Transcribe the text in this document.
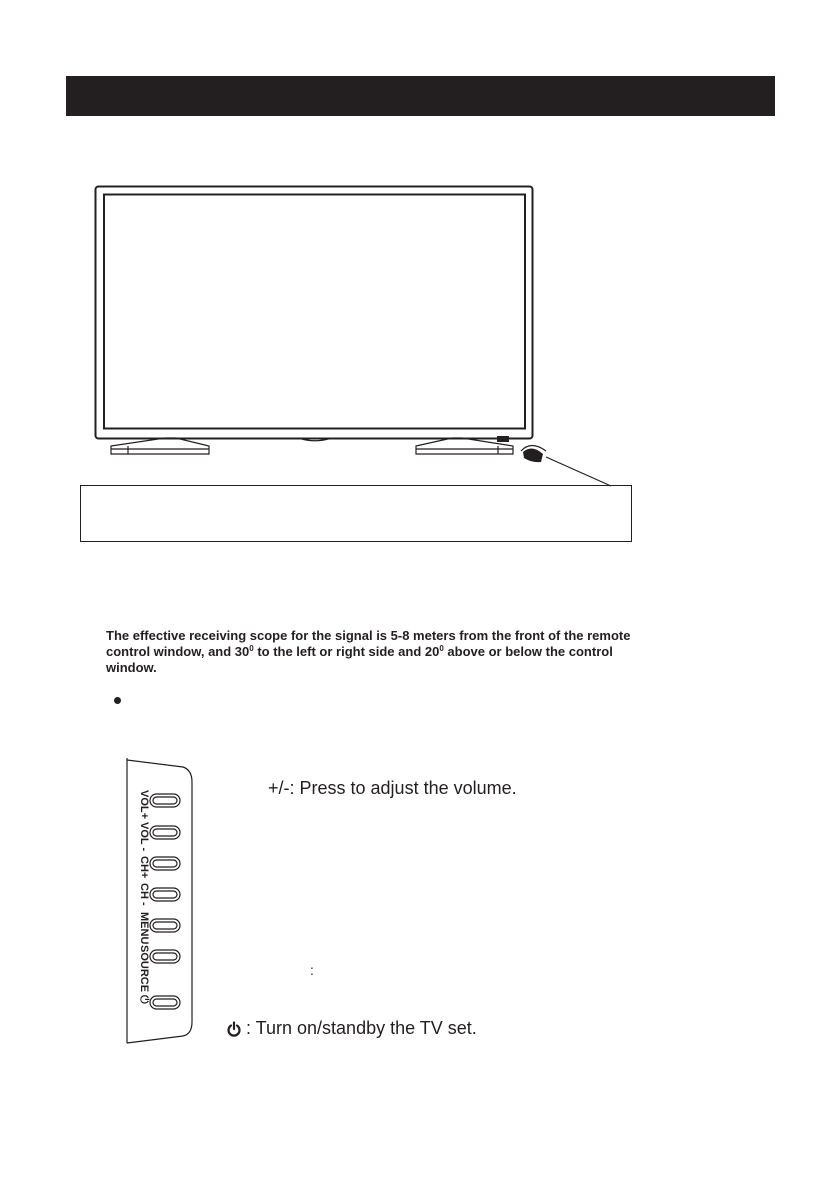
The effective receiving scope for the signal is 5-8 meters from the front of the remote
control window, and $30^0$ to the left or right side and $20^0$ above or below the control
window.

VOL+
VOL -
CH+
CH -
MENU
SOURCE
⏻
+/-: Press to adjust the volume.
:
: Turn on/standby the TV set.
